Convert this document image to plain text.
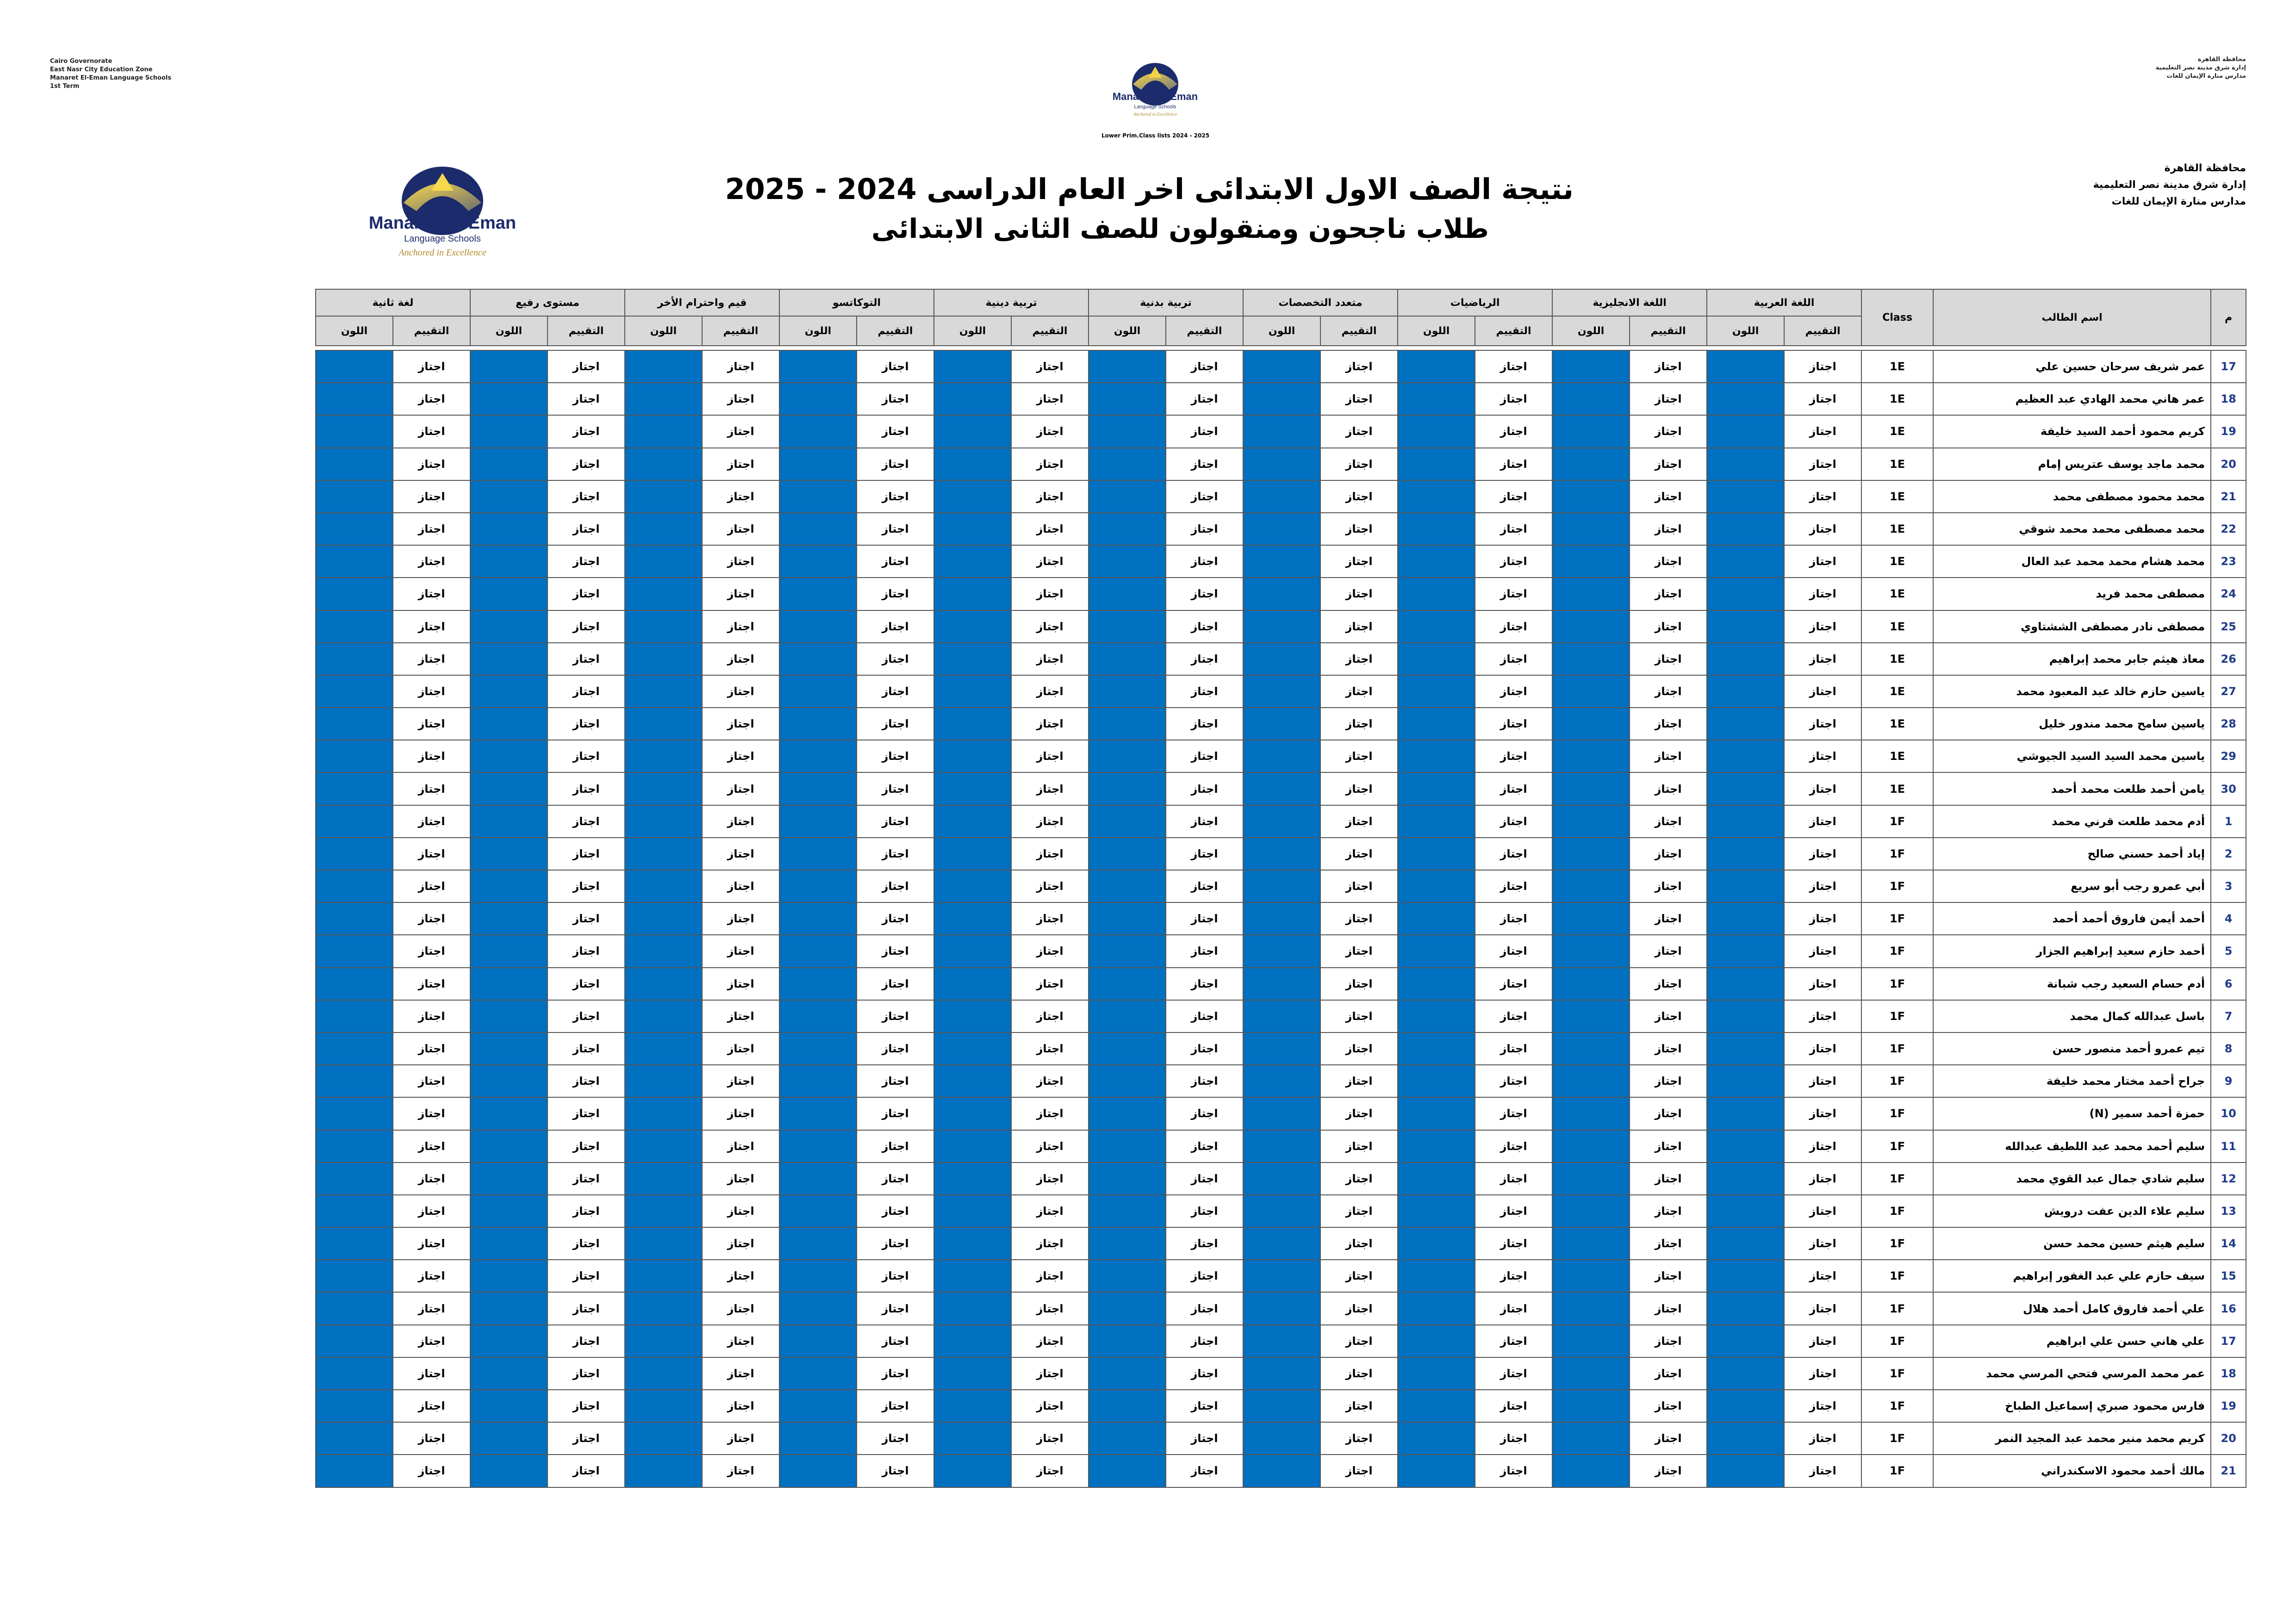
Cairo Governorate
East Nasr City Education Zone
Manaret El-Eman Language Schools
1st Term
محافظة القاهرة
إدارة شرق مدينة نصر التعليمية
مدارس منارة الإيمان للغات
Manaret EL Eman
Language Schools
Anchored in Excellence
Lower Prim.Class lists 2024 - 2025
Manaret EL Eman
Language Schools
Anchored in Excellence
محافظة القاهرة
إدارة شرق مدينة نصر التعليمية
مدارس منارة الإيمان للغات
نتيجة الصف الاول الابتدائى اخر العام الدراسى 2024 - 2025
طلاب ناجحون ومنقولون للصف الثانى الابتدائى
م	اسم الطالب	Class	اللغة العربية		اللغة الانجليزية		الرياضيات		متعدد التخصصات		تربية بدنية		تربية دينية		التوكاتسو		قيم واحترام الأخر		مستوى رفيع		لغة ثانية	
			التقييم	اللون	التقييم	اللون	التقييم	اللون	التقييم	اللون	التقييم	اللون	التقييم	اللون	التقييم	اللون	التقييم	اللون	التقييم	اللون	التقييم	اللون

17	عمر شريف سرحان حسين علي	1E	اجتاز		اجتاز		اجتاز		اجتاز		اجتاز		اجتاز		اجتاز		اجتاز		اجتاز		اجتاز	
18	عمر هاني محمد الهادي عبد العظيم	1E	اجتاز		اجتاز		اجتاز		اجتاز		اجتاز		اجتاز		اجتاز		اجتاز		اجتاز		اجتاز	
19	كريم محمود أحمد السيد خليفة	1E	اجتاز		اجتاز		اجتاز		اجتاز		اجتاز		اجتاز		اجتاز		اجتاز		اجتاز		اجتاز	
20	محمد ماجد يوسف عتريس إمام	1E	اجتاز		اجتاز		اجتاز		اجتاز		اجتاز		اجتاز		اجتاز		اجتاز		اجتاز		اجتاز	
21	محمد محمود مصطفى محمد	1E	اجتاز		اجتاز		اجتاز		اجتاز		اجتاز		اجتاز		اجتاز		اجتاز		اجتاز		اجتاز	
22	محمد مصطفى محمد محمد شوقي	1E	اجتاز		اجتاز		اجتاز		اجتاز		اجتاز		اجتاز		اجتاز		اجتاز		اجتاز		اجتاز	
23	محمد هشام محمد محمد عبد العال	1E	اجتاز		اجتاز		اجتاز		اجتاز		اجتاز		اجتاز		اجتاز		اجتاز		اجتاز		اجتاز	
24	مصطفى محمد فريد	1E	اجتاز		اجتاز		اجتاز		اجتاز		اجتاز		اجتاز		اجتاز		اجتاز		اجتاز		اجتاز	
25	مصطفى نادر مصطفى الششتاوي	1E	اجتاز		اجتاز		اجتاز		اجتاز		اجتاز		اجتاز		اجتاز		اجتاز		اجتاز		اجتاز	
26	معاذ هيثم جابر محمد إبراهيم	1E	اجتاز		اجتاز		اجتاز		اجتاز		اجتاز		اجتاز		اجتاز		اجتاز		اجتاز		اجتاز	
27	ياسين حازم خالد عبد المعبود محمد	1E	اجتاز		اجتاز		اجتاز		اجتاز		اجتاز		اجتاز		اجتاز		اجتاز		اجتاز		اجتاز	
28	ياسين سامح محمد مندور خليل	1E	اجتاز		اجتاز		اجتاز		اجتاز		اجتاز		اجتاز		اجتاز		اجتاز		اجتاز		اجتاز	
29	ياسين محمد السيد السيد الجيوشي	1E	اجتاز		اجتاز		اجتاز		اجتاز		اجتاز		اجتاز		اجتاز		اجتاز		اجتاز		اجتاز	
30	يامن أحمد طلعت محمد أحمد	1E	اجتاز		اجتاز		اجتاز		اجتاز		اجتاز		اجتاز		اجتاز		اجتاز		اجتاز		اجتاز	
1	أدم محمد طلعت قرني محمد	1F	اجتاز		اجتاز		اجتاز		اجتاز		اجتاز		اجتاز		اجتاز		اجتاز		اجتاز		اجتاز	
2	إياد أحمد حسني صالح	1F	اجتاز		اجتاز		اجتاز		اجتاز		اجتاز		اجتاز		اجتاز		اجتاز		اجتاز		اجتاز	
3	أبي عمرو رجب أبو سريع	1F	اجتاز		اجتاز		اجتاز		اجتاز		اجتاز		اجتاز		اجتاز		اجتاز		اجتاز		اجتاز	
4	أحمد أيمن فاروق أحمد أحمد	1F	اجتاز		اجتاز		اجتاز		اجتاز		اجتاز		اجتاز		اجتاز		اجتاز		اجتاز		اجتاز	
5	أحمد حازم سعيد إبراهيم الجزار	1F	اجتاز		اجتاز		اجتاز		اجتاز		اجتاز		اجتاز		اجتاز		اجتاز		اجتاز		اجتاز	
6	أدم حسام السعيد رجب شبانة	1F	اجتاز		اجتاز		اجتاز		اجتاز		اجتاز		اجتاز		اجتاز		اجتاز		اجتاز		اجتاز	
7	باسل عبدالله كمال محمد	1F	اجتاز		اجتاز		اجتاز		اجتاز		اجتاز		اجتاز		اجتاز		اجتاز		اجتاز		اجتاز	
8	تيم عمرو أحمد منصور حسن	1F	اجتاز		اجتاز		اجتاز		اجتاز		اجتاز		اجتاز		اجتاز		اجتاز		اجتاز		اجتاز	
9	جراح أحمد مختار محمد خليفة	1F	اجتاز		اجتاز		اجتاز		اجتاز		اجتاز		اجتاز		اجتاز		اجتاز		اجتاز		اجتاز	
10	حمزة أحمد سمير (N)	1F	اجتاز		اجتاز		اجتاز		اجتاز		اجتاز		اجتاز		اجتاز		اجتاز		اجتاز		اجتاز	
11	سليم أحمد محمد عبد اللطيف عبدالله	1F	اجتاز		اجتاز		اجتاز		اجتاز		اجتاز		اجتاز		اجتاز		اجتاز		اجتاز		اجتاز	
12	سليم شادي جمال عبد القوي محمد	1F	اجتاز		اجتاز		اجتاز		اجتاز		اجتاز		اجتاز		اجتاز		اجتاز		اجتاز		اجتاز	
13	سليم علاء الدين عفت درويش	1F	اجتاز		اجتاز		اجتاز		اجتاز		اجتاز		اجتاز		اجتاز		اجتاز		اجتاز		اجتاز	
14	سليم هيثم حسين محمد حسن	1F	اجتاز		اجتاز		اجتاز		اجتاز		اجتاز		اجتاز		اجتاز		اجتاز		اجتاز		اجتاز	
15	سيف حازم علي عبد الغفور إبراهيم	1F	اجتاز		اجتاز		اجتاز		اجتاز		اجتاز		اجتاز		اجتاز		اجتاز		اجتاز		اجتاز	
16	علي أحمد فاروق كامل أحمد هلال	1F	اجتاز		اجتاز		اجتاز		اجتاز		اجتاز		اجتاز		اجتاز		اجتاز		اجتاز		اجتاز	
17	علي هاني حسن علي ابراهيم	1F	اجتاز		اجتاز		اجتاز		اجتاز		اجتاز		اجتاز		اجتاز		اجتاز		اجتاز		اجتاز	
18	عمر محمد المرسي فتحي المرسي محمد	1F	اجتاز		اجتاز		اجتاز		اجتاز		اجتاز		اجتاز		اجتاز		اجتاز		اجتاز		اجتاز	
19	فارس محمود صبري إسماعيل الطباخ	1F	اجتاز		اجتاز		اجتاز		اجتاز		اجتاز		اجتاز		اجتاز		اجتاز		اجتاز		اجتاز	
20	كريم محمد منير محمد عبد المجيد النمر	1F	اجتاز		اجتاز		اجتاز		اجتاز		اجتاز		اجتاز		اجتاز		اجتاز		اجتاز		اجتاز	
21	مالك أحمد محمود الاسكندراني	1F	اجتاز		اجتاز		اجتاز		اجتاز		اجتاز		اجتاز		اجتاز		اجتاز		اجتاز		اجتاز	
